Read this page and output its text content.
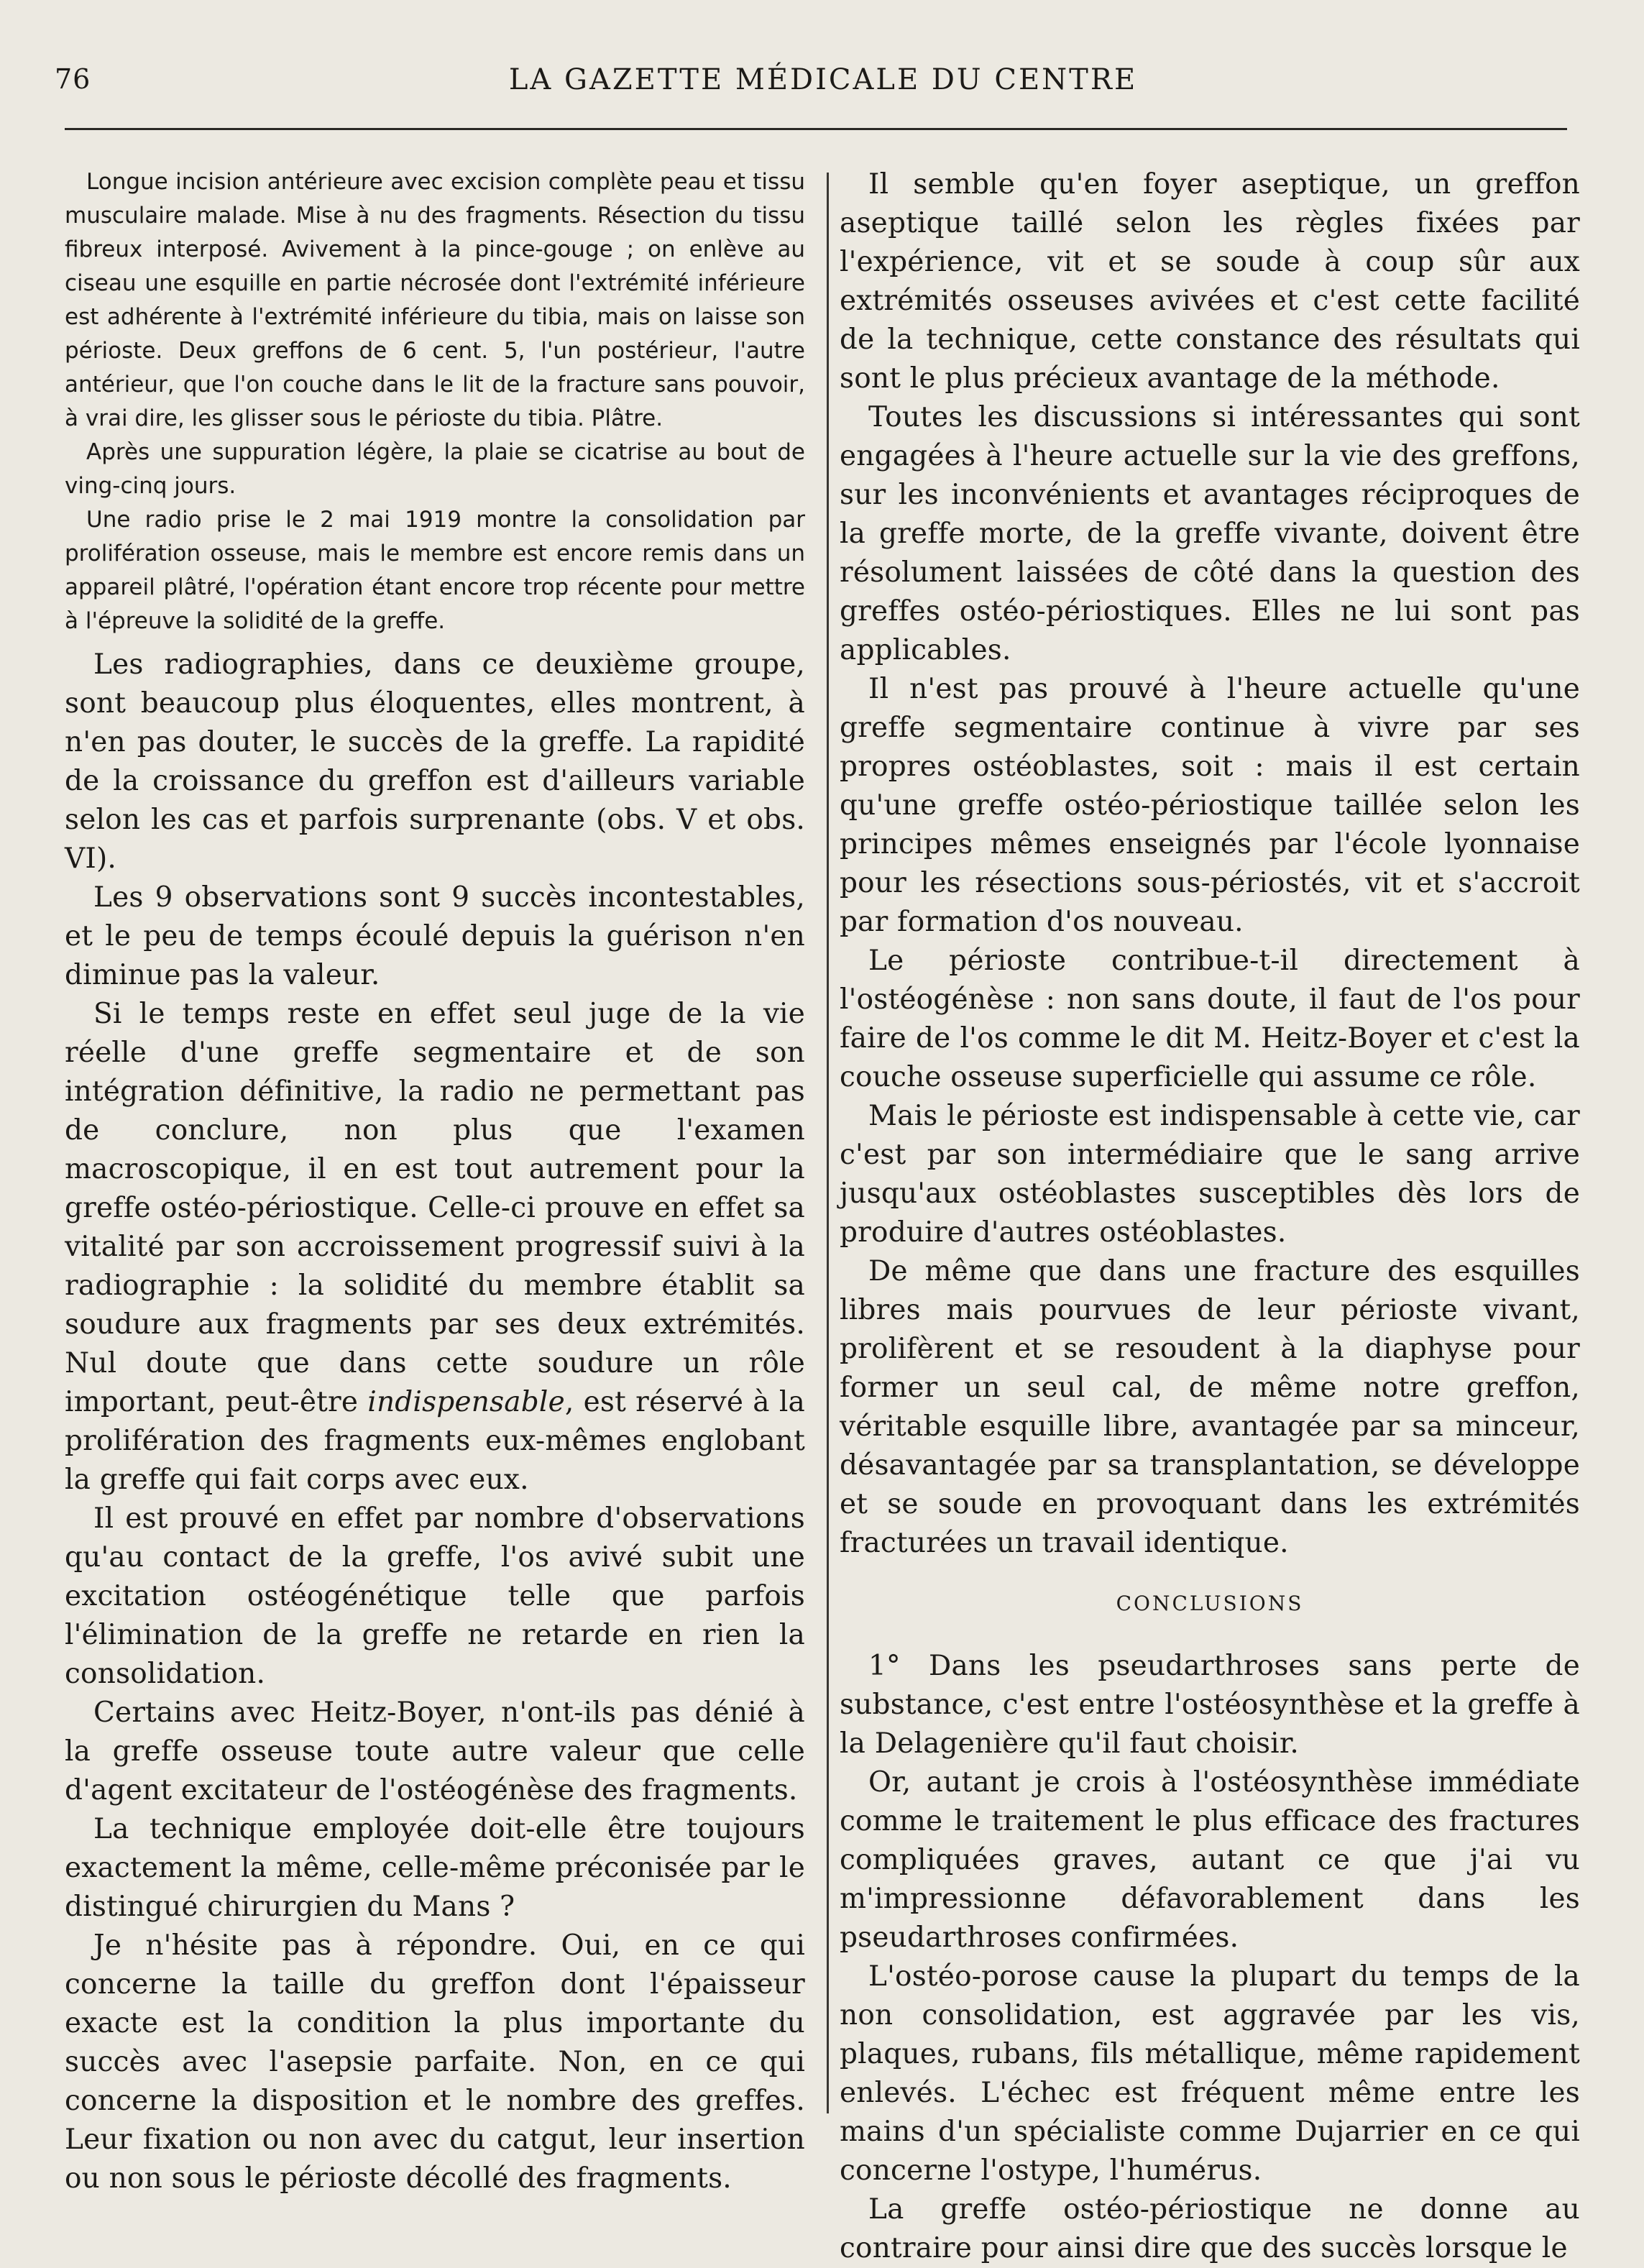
76	LA GAZETTE MÉDICALE DU CENTRE

Longue incision antérieure avec excision complète peau et tissu musculaire malade. Mise à nu des fragments. Résection du tissu fibreux interposé. Avivement à la pince-gouge ; on enlève au ciseau une esquille en partie nécrosée dont l'extrémité inférieure est adhérente à l'extrémité inférieure du tibia, mais on laisse son périoste. Deux greffons de 6 cent. 5, l'un postérieur, l'autre antérieur, que l'on couche dans le lit de la fracture sans pouvoir, à vrai dire, les glisser sous le périoste du tibia. Plâtre.

Après une suppuration légère, la plaie se cicatrise au bout de ving-cinq jours.

Une radio prise le 2 mai 1919 montre la consolidation par prolifération osseuse, mais le membre est encore remis dans un appareil plâtré, l'opération étant encore trop récente pour mettre à l'épreuve la solidité de la greffe.

Les radiographies, dans ce deuxième groupe, sont beaucoup plus éloquentes, elles montrent, à n'en pas douter, le succès de la greffe. La rapidité de la croissance du greffon est d'ailleurs variable selon les cas et parfois surprenante (obs. V et obs. VI).

Les 9 observations sont 9 succès incontestables, et le peu de temps écoulé depuis la guérison n'en diminue pas la valeur.

Si le temps reste en effet seul juge de la vie réelle d'une greffe segmentaire et de son intégration définitive, la radio ne permettant pas de conclure, non plus que l'examen macroscopique, il en est tout autrement pour la greffe ostéo-périostique. Celle-ci prouve en effet sa vitalité par son accroissement progressif suivi à la radiographie : la solidité du membre établit sa soudure aux fragments par ses deux extrémités. Nul doute que dans cette soudure un rôle important, peut-être indispensable, est réservé à la prolifération des fragments eux-mêmes englobant la greffe qui fait corps avec eux.

Il est prouvé en effet par nombre d'observations qu'au contact de la greffe, l'os avivé subit une excitation ostéogénétique telle que parfois l'élimination de la greffe ne retarde en rien la consolidation.

Certains avec Heitz-Boyer, n'ont-ils pas dénié à la greffe osseuse toute autre valeur que celle d'agent excitateur de l'ostéogénèse des fragments.

La technique employée doit-elle être toujours exactement la même, celle-même préconisée par le distingué chirurgien du Mans ?

Je n'hésite pas à répondre. Oui, en ce qui concerne la taille du greffon dont l'épaisseur exacte est la condition la plus importante du succès avec l'asepsie parfaite. Non, en ce qui concerne la disposition et le nombre des greffes. Leur fixation ou non avec du catgut, leur insertion ou non sous le périoste décollé des fragments.

Il semble qu'en foyer aseptique, un greffon aseptique taillé selon les règles fixées par l'expérience, vit et se soude à coup sûr aux extrémités osseuses avivées et c'est cette facilité de la technique, cette constance des résultats qui sont le plus précieux avantage de la méthode.

Toutes les discussions si intéressantes qui sont engagées à l'heure actuelle sur la vie des greffons, sur les inconvénients et avantages réciproques de la greffe morte, de la greffe vivante, doivent être résolument laissées de côté dans la question des greffes ostéo-périostiques. Elles ne lui sont pas applicables.

Il n'est pas prouvé à l'heure actuelle qu'une greffe segmentaire continue à vivre par ses propres ostéoblastes, soit : mais il est certain qu'une greffe ostéo-périostique taillée selon les principes mêmes enseignés par l'école lyonnaise pour les résections sous-périostés, vit et s'accroit par formation d'os nouveau.

Le périoste contribue-t-il directement à l'ostéogénèse : non sans doute, il faut de l'os pour faire de l'os comme le dit M. Heitz-Boyer et c'est la couche osseuse superficielle qui assume ce rôle.

Mais le périoste est indispensable à cette vie, car c'est par son intermédiaire que le sang arrive jusqu'aux ostéoblastes susceptibles dès lors de produire d'autres ostéoblastes.

De même que dans une fracture des esquilles libres mais pourvues de leur périoste vivant, prolifèrent et se resoudent à la diaphyse pour former un seul cal, de même notre greffon, véritable esquille libre, avantagée par sa minceur, désavantagée par sa transplantation, se développe et se soude en provoquant dans les extrémités fracturées un travail identique.

CONCLUSIONS

1° Dans les pseudarthroses sans perte de substance, c'est entre l'ostéosynthèse et la greffe à la Delagenière qu'il faut choisir.

Or, autant je crois à l'ostéosynthèse immédiate comme le traitement le plus efficace des fractures compliquées graves, autant ce que j'ai vu m'impressionne défavorablement dans les pseudarthroses confirmées.

L'ostéo-porose cause la plupart du temps de la non consolidation, est aggravée par les vis, plaques, rubans, fils métallique, même rapidement enlevés. L'échec est fréquent même entre les mains d'un spécialiste comme Dujarrier en ce qui concerne l'ostype, l'humérus.

La greffe ostéo-périostique ne donne au contraire pour ainsi dire que des succès lorsque le
